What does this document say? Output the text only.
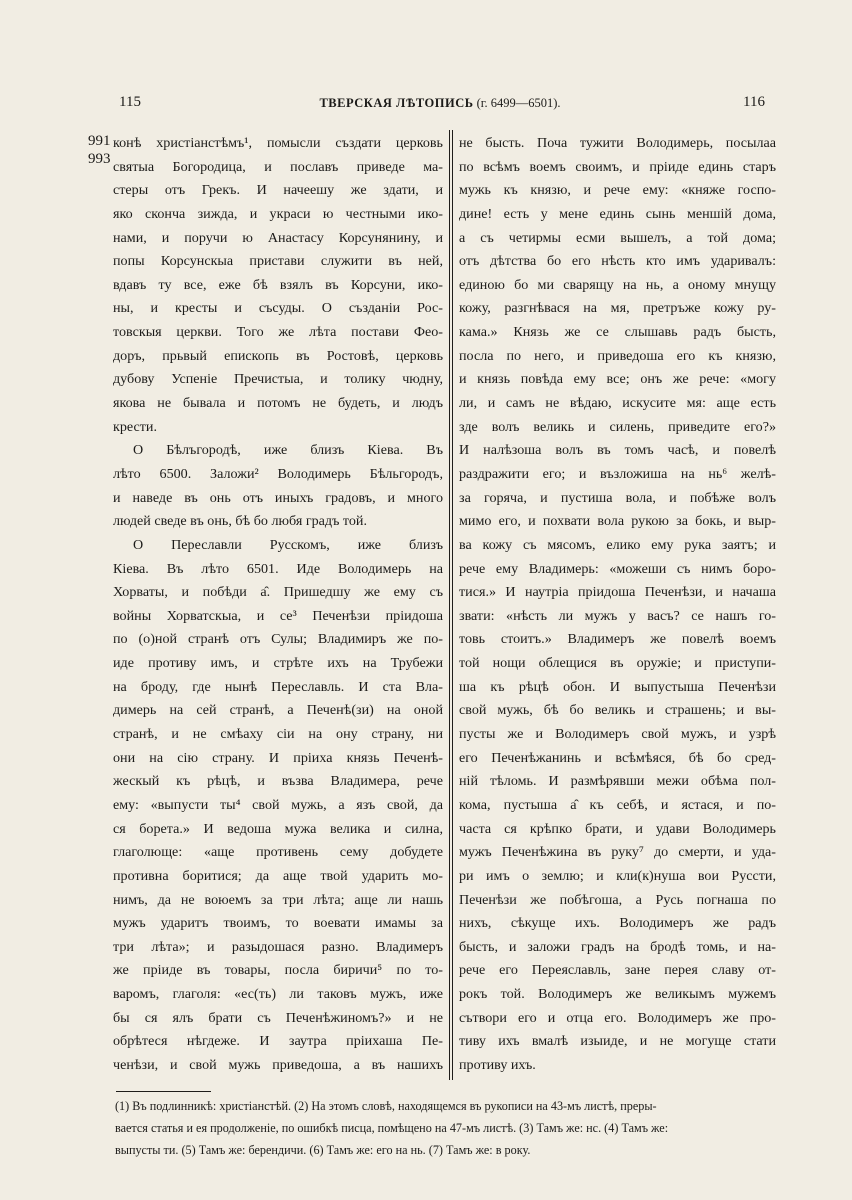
115	ТВЕРСКАЯ ЛѢТОПИСЬ (г. 6499—6501).	116
991
993
конѣ христіанстѣмъ¹, помысли създати церковь
святыа Богородица, и пославъ приведе ма-
стеры отъ Грекъ. И начеешу же здати, и
яко скончa зижда, и украси ю честными ико-
нами, и поручи ю Анастасу Корсунянину, и
попы Корсунскыа пристави служити въ ней,
вдавъ ту все, еже бѣ взялъ въ Корсуни, ико-
ны, и кресты и съсуды. О създаніи Рос-
товскыя церкви. Того же лѣта постави Феo-
доръ, прьвый епископь въ Ростовѣ, церковь
дубову Успеніе Пречистыа, и толику чюдну,
якова не бывала и потомъ не будеть, и людъ
крести.
О Бѣлъгородѣ, иже близъ Кіева. Въ
лѣто 6500. Заложи² Володимерь Бѣльгородъ,
и наведе въ онь отъ иныхъ градовъ, и много
людей сведе въ онь, бѣ бо любя градъ той.
О Переславли Русскомъ, иже близъ
Кіева. Въ лѣто 6501. Иде Володимерь на
Хорваты, и побѣди а̂. Пришедшу же ему съ
войны Хорватскыа, и се³ Печенѣзи пріидоша
по (о)ной странѣ отъ Сулы; Владимиръ же по-
иде противу имъ, и стрѣте ихъ на Трубежи
на броду, где нынѣ Переславль. И ста Вла-
димерь на сей странѣ, а Печенѣ(зи) на оной
странѣ, и не смѣаху сіи на ону страну, ни
они на сію страну. И пріиха князь Печенѣ-
жескый къ рѣцѣ, и възва Владимера, рече
ему: «выпусти ты⁴ свой мужь, а язъ свой, да
ся борета.» И ведоша мужа велика и силна,
глаголюще: «аще противень сему добудете
противна боритися; да аще твой ударить мо-
нимъ, да не воюемъ за три лѣта; аще ли нашь
мужъ ударитъ твоимъ, то воевати имамы за
три лѣта»; и разыдошася разно. Владимеръ
же пріиде въ товары, посла биричи⁵ по то-
варомъ, глаголя: «ес(ть) ли таковъ мужъ, иже
бы ся ялъ брати съ Печенѣжиномъ?» и не
обрѣтеся нѣгдеже. И заутра пріихаша Пе-
ченѣзи, и свой мужь приведоша, а въ нашихъ
не бысть. Поча тужити Володимерь, посылаа
по всѣмъ воемъ своимъ, и пріиде единь старъ
мужь къ князю, и рече ему: «княже госпо-
дине! есть у мене единь сынь меншій дома,
а съ четирмы есми вышелъ, а той дома;
отъ дѣтства бо его нѣсть кто имъ ударивалъ:
единою бо ми сварящу на нь, а оному мнущу
кожу, разгнѣвася на мя, претръже кожу ру-
кама.» Князь же се слышавь радъ бысть,
посла по него, и приведоша его къ князю,
и князь повѣда ему все; онъ же рече: «могу
ли, и самъ не вѣдаю, искусите мя: аще есть
зде волъ великь и силень, приведите его?»
И налѣзоша волъ въ томъ часѣ, и повелѣ
раздражити его; и възложиша на нь⁶ желѣ-
за горяча, и пустиша вола, и побѣже волъ
мимо его, и похвати вола рукою за бокь, и выр-
ва кожу съ мясомъ, елико ему рука заятъ; и
рече ему Владимерь: «можеши съ нимъ боро-
тися.» И наутріа пріидоша Печенѣзи, и начаша
звати: «нѣсть ли мужъ у васъ? се нашъ го-
товь стоитъ.» Владимеръ же повелѣ воемъ
той нощи облещися въ оружіе; и приступи-
ша къ рѣцѣ обон. И выпустыша Печенѣзи
свой мужь, бѣ бо великь и страшень; и вы-
пусты же и Володимеръ свой мужъ, и узрѣ
его Печенѣжанинь и всѣмѣяся, бѣ бо сред-
ній тѣломь. И размѣрявши межи обѣма пол-
кома, пустыша а̂ къ себѣ, и ястася, и по-
часта ся крѣпко брати, и удави Володимерь
мужъ Печенѣжина въ руку⁷ до смерти, и уда-
ри имъ о землю; и кли(к)нуша вои Руссти,
Печенѣзи же побѣгоша, а Русь погнаша по
нихъ, сѣкуще ихъ. Володимеръ же радъ
бысть, и заложи градъ на бродѣ томь, и на-
рече его Переяславль, зане перея славу от-
рокъ той. Володимеръ же великымъ мужемъ
сътвори его и отца его. Володимеръ же про-
тиву ихъ вмалѣ изыиде, и не могуще стати
противу ихъ.
(1) Въ подлинникѣ: христіанстѣй. (2) На этомъ словѣ, находящемся въ рукописи на 43-мъ листѣ, преры-
вается статья и ея продолженіе, по ошибкѣ писца, помѣщено на 47-мъ листѣ. (3) Тамъ же: нс. (4) Тамъ же:
выпусты ти. (5) Тамъ же: берендичи. (6) Тамъ же: его на нь. (7) Тамъ же: в року.
